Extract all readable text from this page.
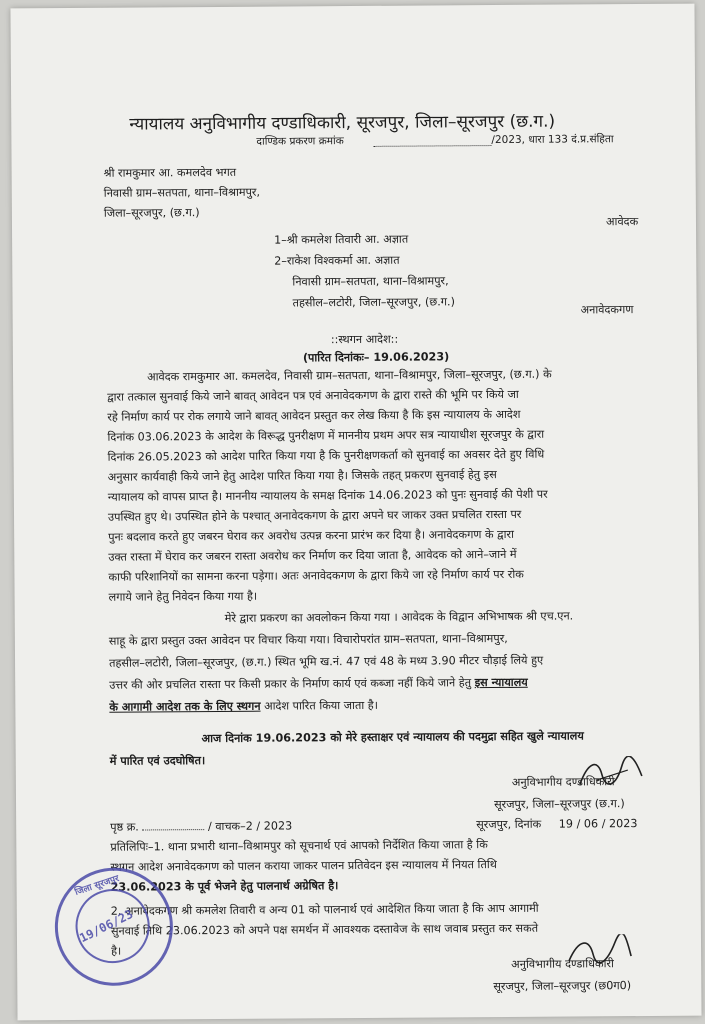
न्यायालय अनुविभागीय दण्डाधिकारी, सूरजपुर, जिला–सूरजपुर (छ.ग.)
दाण्डिक प्रकरण क्रमांक	/2023, धारा 133 दं.प्र.संहिता
श्री रामकुमार आ. कमलदेव भगत
निवासी ग्राम–सतपता, थाना–विश्रामपुर,
जिला–सूरजपुर, (छ.ग.)
आवेदक
1–श्री कमलेश तिवारी आ. अज्ञात
2–राकेश विश्वकर्मा आ. अज्ञात
निवासी ग्राम–सतपता, थाना–विश्रामपुर,
तहसील–लटोरी, जिला–सूरजपुर, (छ.ग.)
अनावेदकगण
::स्थगन आदेश::
(पारित दिनांकः– 19.06.2023)
आवेदक रामकुमार आ. कमलदेव, निवासी ग्राम–सतपता, थाना–विश्रामपुर, जिला–सूरजपुर, (छ.ग.) के
द्वारा तत्काल सुनवाई किये जाने बावत् आवेदन पत्र एवं अनावेदकगण के द्वारा रास्ते की भूमि पर किये जा
रहे निर्माण कार्य पर रोक लगाये जाने बावत् आवेदन प्रस्तुत कर लेख किया है कि इस न्यायालय के आदेश
दिनांक 03.06.2023 के आदेश के विरूद्ध पुनरीक्षण में माननीय प्रथम अपर सत्र न्यायाधीश सूरजपुर के द्वारा
दिनांक 26.05.2023 को आदेश पारित किया गया है कि पुनरीक्षणकर्ता को सुनवाई का अवसर देते हुए विधि
अनुसार कार्यवाही किये जाने हेतु आदेश पारित किया गया है। जिसके तहत् प्रकरण सुनवाई हेतु इस
न्यायालय को वापस प्राप्त है। माननीय न्यायालय के समक्ष दिनांक 14.06.2023 को पुनः सुनवाई की पेशी पर
उपस्थित हुए थे। उपस्थित होने के पश्चात् अनावेदकगण के द्वारा अपने घर जाकर उक्त प्रचलित रास्ता पर
पुनः बदलाव करते हुए जबरन घेराव कर अवरोध उत्पन्न करना प्रारंभ कर दिया है। अनावेदकगण के द्वारा
उक्त रास्ता में घेराव कर जबरन रास्ता अवरोध कर निर्माण कर दिया जाता है, आवेदक को आने–जाने में
काफी परिशानियों का सामना करना पड़ेगा। अतः अनावेदकगण के द्वारा किये जा रहे निर्माण कार्य पर रोक
लगाये जाने हेतु निवेदन किया गया है।
मेरे द्वारा प्रकरण का अवलोकन किया गया । आवेदक के विद्वान अभिभाषक श्री एच.एन.
साहू के द्वारा प्रस्तुत उक्त आवेदन पर विचार किया गया। विचारोपरांत ग्राम–सतपता, थाना–विश्रामपुर,
तहसील–लटोरी, जिला–सूरजपुर, (छ.ग.) स्थित भूमि ख.नं. 47 एवं 48 के मध्य 3.90 मीटर चौड़ाई लिये हुए
उत्तर की ओर प्रचलित रास्ता पर किसी प्रकार के निर्माण कार्य एवं कब्जा नहीं किये जाने हेतु इस न्यायालय
के आगामी आदेश तक के लिए स्थगन आदेश पारित किया जाता है।
आज दिनांक 19.06.2023 को मेरे हस्ताक्षर एवं न्यायालय की पदमुद्रा सहित खुले न्यायालय
में पारित एवं उदघोषित।
अनुविभागीय दण्डाधिकारी
सूरजपुर, जिला–सूरजपुर (छ.ग.)
पृष्ठ क्र.	/ वाचक–2 / 2023	सूरजपुर, दिनांक 19 / 06 / 2023
प्रतिलिपिः–1. थाना प्रभारी थाना–विश्रामपुर को सूचनार्थ एवं आपको निर्देशित किया जाता है कि
स्थगन आदेश अनावेदकगण को पालन कराया जाकर पालन प्रतिवेदन इस न्यायालय में नियत तिथि
23.06.2023 के पूर्व भेजने हेतु पालनार्थ अग्रेषित है।
2. अनावेदकगण श्री कमलेश तिवारी व अन्य 01 को पालनार्थ एवं आदेशित किया जाता है कि आप आगामी
सुनवाई तिथि 23.06.2023 को अपने पक्ष समर्थन में आवश्यक दस्तावेज के साथ जवाब प्रस्तुत कर सकते
है।
अनुविभागीय दण्डाधिकारी
सूरजपुर, जिला–सूरजपुर (छ0ग0)
जिला सूरजपुर
19/06/23
